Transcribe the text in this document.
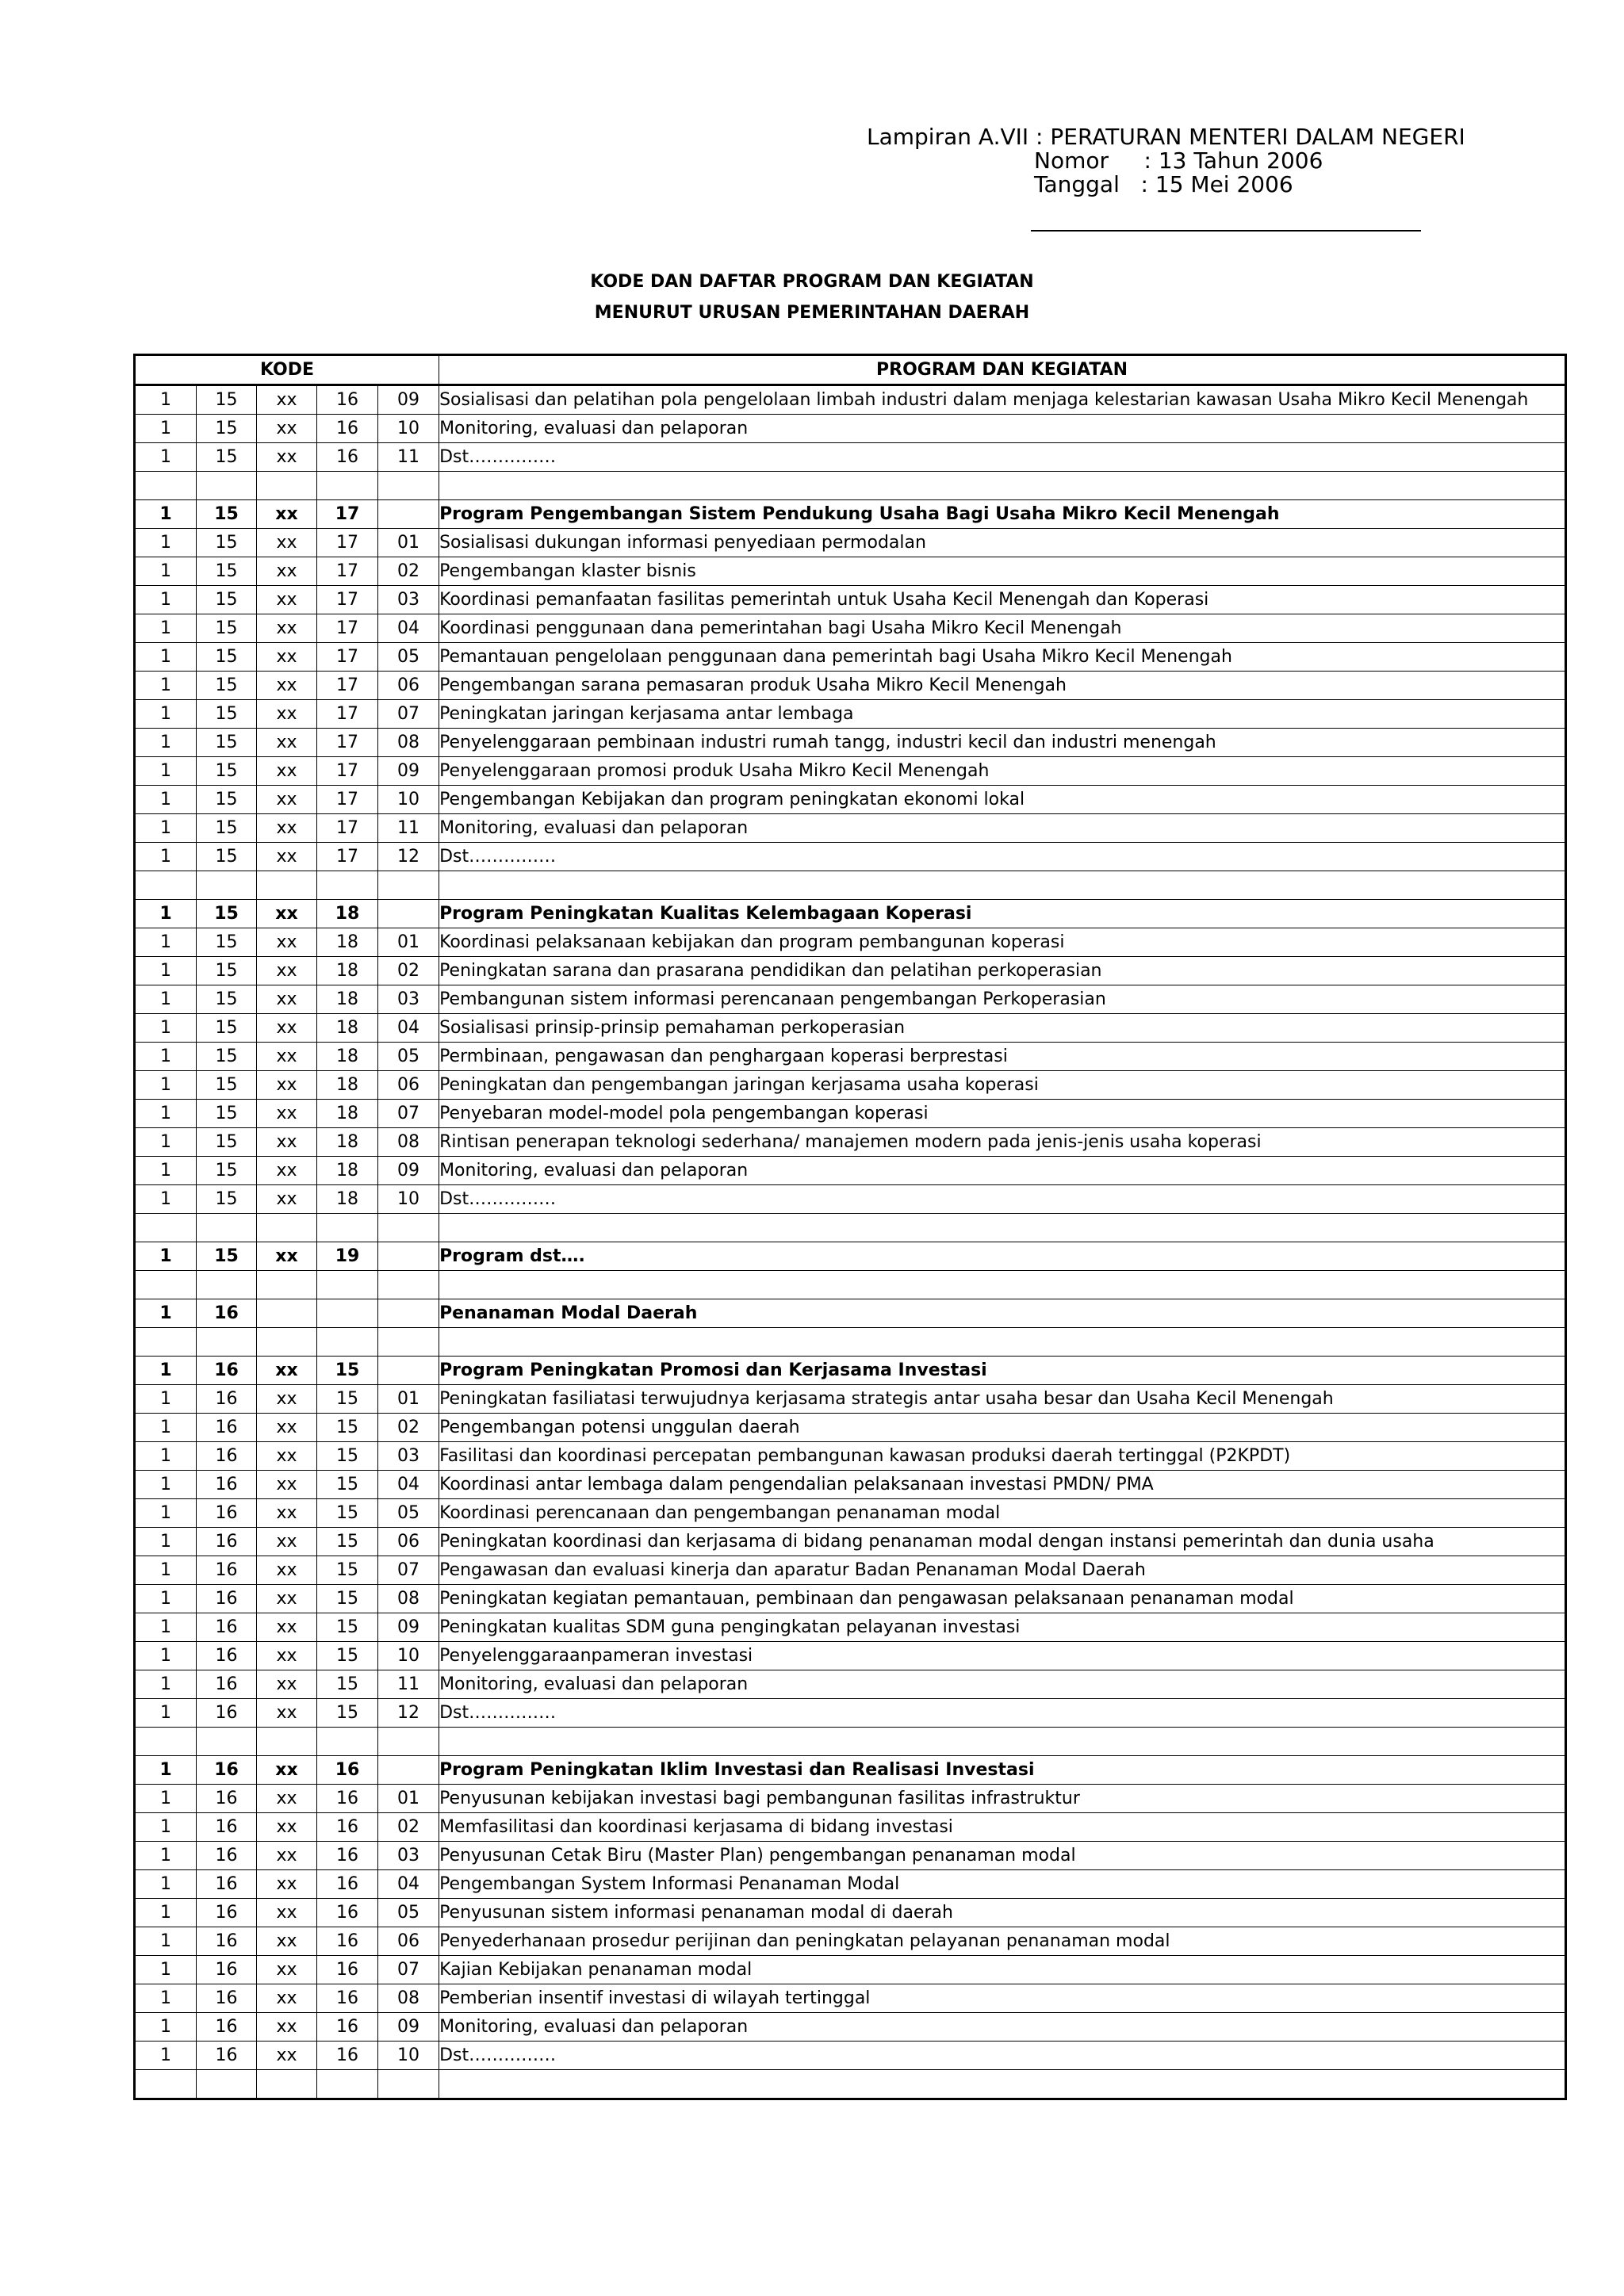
Lampiran A.VII : PERATURAN MENTERI DALAM NEGERI
Nomor     : 13 Tahun 2006
Tanggal   : 15 Mei 2006
KODE DAN DAFTAR PROGRAM DAN KEGIATAN
MENURUT URUSAN PEMERINTAHAN DAERAH
KODE					PROGRAM DAN KEGIATAN
1	15	xx	16	09	Sosialisasi dan pelatihan pola pengelolaan limbah industri dalam menjaga kelestarian kawasan Usaha Mikro Kecil Menengah
1	15	xx	16	10	Monitoring, evaluasi dan pelaporan
1	15	xx	16	11	Dst……………

1	15	xx	17		Program Pengembangan Sistem Pendukung Usaha Bagi Usaha Mikro Kecil Menengah
1	15	xx	17	01	Sosialisasi dukungan informasi penyediaan permodalan
1	15	xx	17	02	Pengembangan klaster bisnis
1	15	xx	17	03	Koordinasi pemanfaatan fasilitas pemerintah untuk Usaha Kecil Menengah dan Koperasi
1	15	xx	17	04	Koordinasi penggunaan dana pemerintahan bagi Usaha Mikro Kecil Menengah
1	15	xx	17	05	Pemantauan pengelolaan penggunaan dana pemerintah bagi Usaha Mikro Kecil Menengah
1	15	xx	17	06	Pengembangan sarana pemasaran produk Usaha Mikro Kecil Menengah
1	15	xx	17	07	Peningkatan jaringan kerjasama antar lembaga
1	15	xx	17	08	Penyelenggaraan pembinaan industri rumah tangg, industri kecil dan industri menengah
1	15	xx	17	09	Penyelenggaraan promosi produk Usaha Mikro Kecil Menengah
1	15	xx	17	10	Pengembangan Kebijakan dan program peningkatan ekonomi lokal
1	15	xx	17	11	Monitoring, evaluasi dan pelaporan
1	15	xx	17	12	Dst……………

1	15	xx	18		Program Peningkatan Kualitas Kelembagaan Koperasi
1	15	xx	18	01	Koordinasi pelaksanaan kebijakan dan program pembangunan koperasi
1	15	xx	18	02	Peningkatan sarana dan prasarana pendidikan dan pelatihan perkoperasian
1	15	xx	18	03	Pembangunan sistem informasi perencanaan pengembangan Perkoperasian
1	15	xx	18	04	Sosialisasi prinsip-prinsip pemahaman perkoperasian
1	15	xx	18	05	Permbinaan, pengawasan dan penghargaan koperasi berprestasi
1	15	xx	18	06	Peningkatan dan pengembangan jaringan kerjasama usaha koperasi
1	15	xx	18	07	Penyebaran model-model pola pengembangan koperasi
1	15	xx	18	08	Rintisan penerapan teknologi sederhana/ manajemen modern pada jenis-jenis usaha koperasi
1	15	xx	18	09	Monitoring, evaluasi dan pelaporan
1	15	xx	18	10	Dst……………

1	15	xx	19		Program dst….

1	16				Penanaman Modal Daerah

1	16	xx	15		Program Peningkatan Promosi dan Kerjasama Investasi
1	16	xx	15	01	Peningkatan fasiliatasi terwujudnya kerjasama strategis antar usaha besar dan Usaha Kecil Menengah
1	16	xx	15	02	Pengembangan potensi unggulan daerah
1	16	xx	15	03	Fasilitasi dan koordinasi percepatan pembangunan kawasan produksi daerah tertinggal (P2KPDT)
1	16	xx	15	04	Koordinasi antar lembaga dalam pengendalian pelaksanaan investasi PMDN/ PMA
1	16	xx	15	05	Koordinasi perencanaan dan pengembangan penanaman modal
1	16	xx	15	06	Peningkatan koordinasi dan kerjasama di bidang penanaman modal dengan instansi pemerintah dan dunia usaha
1	16	xx	15	07	Pengawasan dan evaluasi kinerja dan aparatur Badan Penanaman Modal Daerah
1	16	xx	15	08	Peningkatan kegiatan pemantauan, pembinaan dan pengawasan pelaksanaan penanaman modal
1	16	xx	15	09	Peningkatan kualitas SDM guna pengingkatan pelayanan investasi
1	16	xx	15	10	Penyelenggaraanpameran investasi
1	16	xx	15	11	Monitoring, evaluasi dan pelaporan
1	16	xx	15	12	Dst……………

1	16	xx	16		Program Peningkatan Iklim Investasi dan Realisasi Investasi
1	16	xx	16	01	Penyusunan kebijakan investasi bagi pembangunan fasilitas infrastruktur
1	16	xx	16	02	Memfasilitasi dan koordinasi kerjasama di bidang investasi
1	16	xx	16	03	Penyusunan Cetak Biru (Master Plan) pengembangan penanaman modal
1	16	xx	16	04	Pengembangan System Informasi Penanaman Modal
1	16	xx	16	05	Penyusunan sistem informasi penanaman modal di daerah
1	16	xx	16	06	Penyederhanaan prosedur perijinan dan peningkatan pelayanan penanaman modal
1	16	xx	16	07	Kajian Kebijakan penanaman modal
1	16	xx	16	08	Pemberian insentif investasi di wilayah tertinggal
1	16	xx	16	09	Monitoring, evaluasi dan pelaporan
1	16	xx	16	10	Dst……………
